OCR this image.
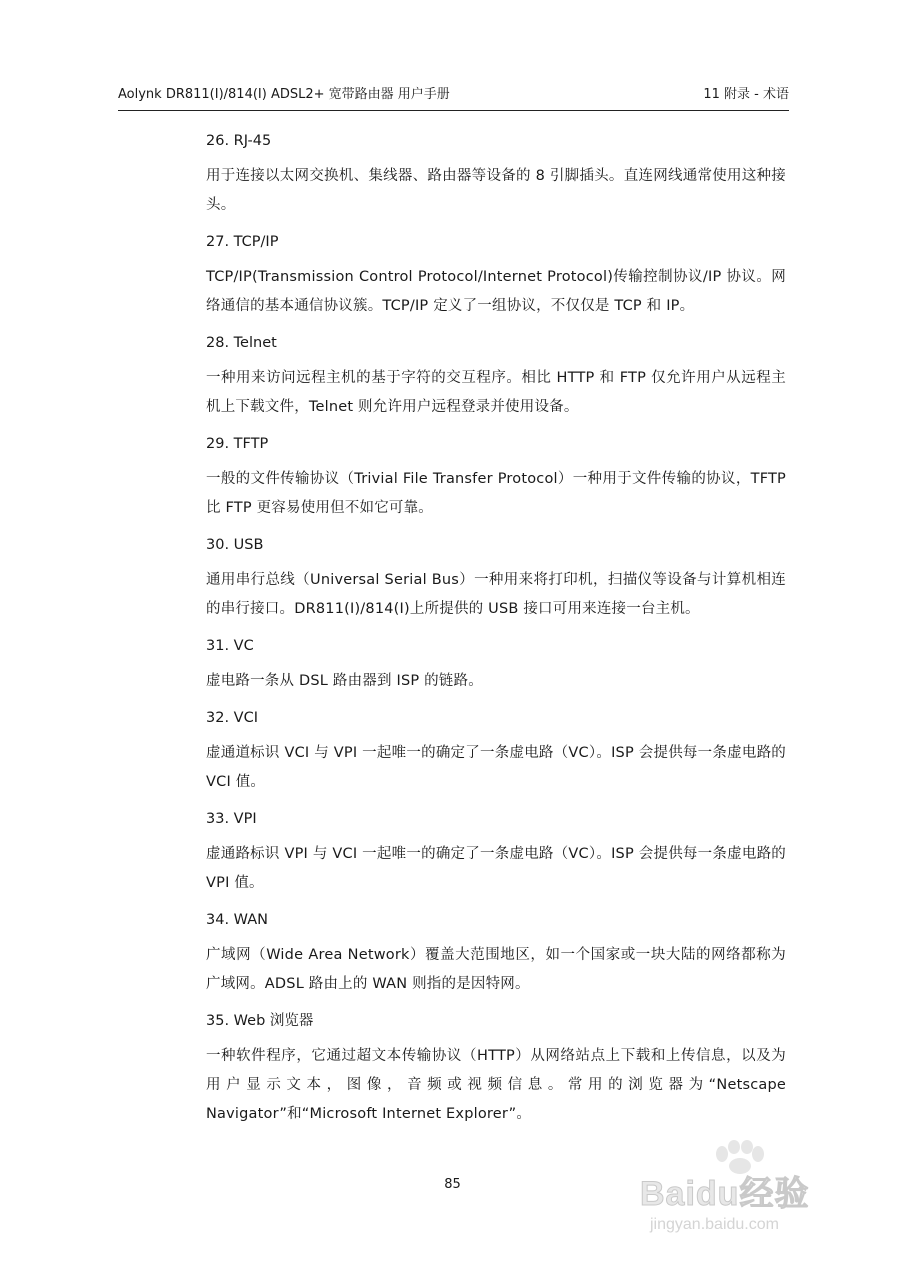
Aolynk DR811(I)/814(I) ADSL2+ 宽带路由器 用户手册	11 附录 - 术语

26. RJ-45

用于连接以太网交换机、集线器、路由器等设备的 8 引脚插头。直连网线通常使用这种接头。

27. TCP/IP

TCP/IP(Transmission Control Protocol/Internet Protocol)传输控制协议/IP 协议。网络通信的基本通信协议簇。TCP/IP 定义了一组协议，不仅仅是 TCP 和 IP。

28. Telnet

一种用来访问远程主机的基于字符的交互程序。相比 HTTP 和 FTP 仅允许用户从远程主机上下载文件，Telnet 则允许用户远程登录并使用设备。

29. TFTP

一般的文件传输协议（Trivial File Transfer Protocol）一种用于文件传输的协议，TFTP 比 FTP 更容易使用但不如它可靠。

30. USB

通用串行总线（Universal Serial Bus）一种用来将打印机，扫描仪等设备与计算机相连的串行接口。DR811(I)/814(I)上所提供的 USB 接口可用来连接一台主机。

31. VC

虚电路一条从 DSL 路由器到 ISP 的链路。

32. VCI

虚通道标识 VCI 与 VPI 一起唯一的确定了一条虚电路（VC）。ISP 会提供每一条虚电路的 VCI 值。

33. VPI

虚通路标识 VPI 与 VCI 一起唯一的确定了一条虚电路（VC）。ISP 会提供每一条虚电路的 VPI 值。

34. WAN

广域网（Wide Area Network）覆盖大范围地区，如一个国家或一块大陆的网络都称为广域网。ADSL 路由上的 WAN 则指的是因特网。

35. Web 浏览器

一种软件程序，它通过超文本传输协议（HTTP）从网络站点上下载和上传信息，以及为用户显示文本，图像，音频或视频信息。常用的浏览器为“Netscape Navigator”和“Microsoft Internet Explorer”。

85	Baidu经验
jingyan.baidu.com
